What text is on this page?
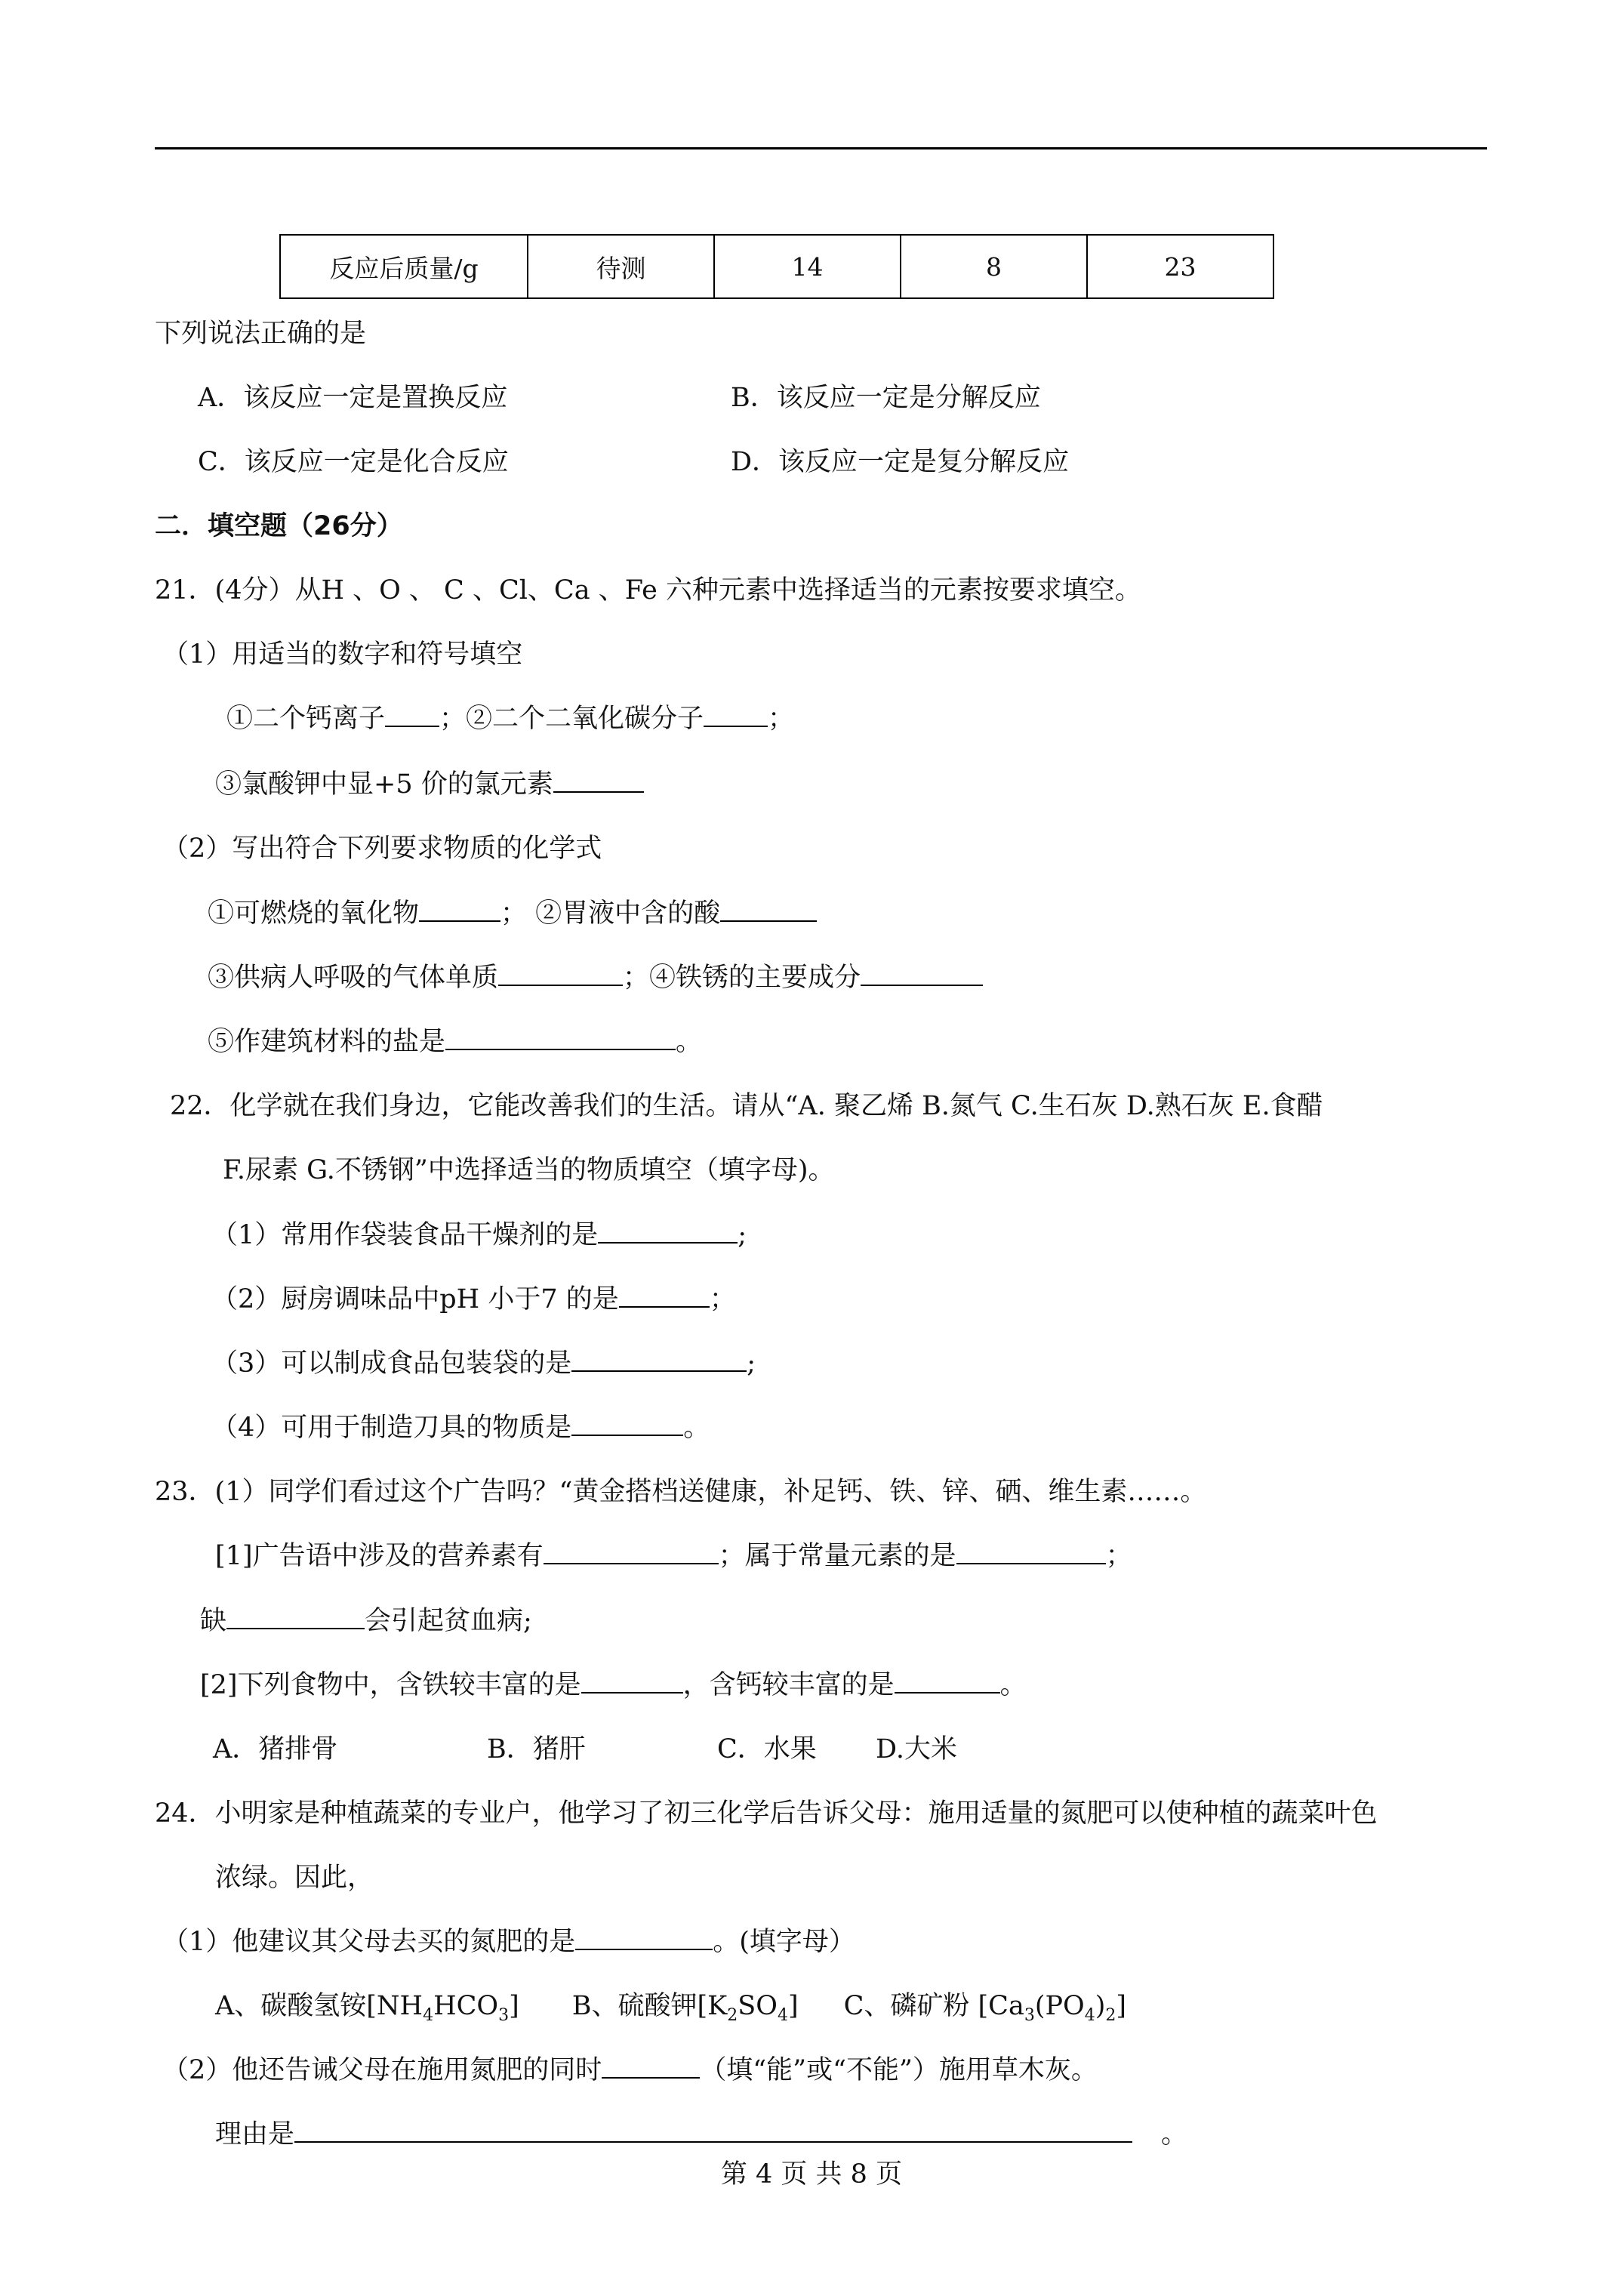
反应后质量/g	待测	14	8	23
下列说法正确的是
A．该反应一定是置换反应	B．该反应一定是分解反应
C．该反应一定是化合反应	D．该反应一定是复分解反应
二．填空题（26分）
21．(4分）从H 、O 、 C 、Cl、Ca 、Fe 六种元素中选择适当的元素按要求填空。
（1）用适当的数字和符号填空
①二个钙离子 ；②二个二氧化碳分子 ；
③氯酸钾中显+5 价的氯元素
（2）写出符合下列要求物质的化学式
①可燃烧的氧化物	； ②胃液中含的酸
③供病人呼吸的气体单质	；④铁锈的主要成分
⑤作建筑材料的盐是	。
22．化学就在我们身边，它能改善我们的生活。请从“A. 聚乙烯 B.氮气 C.生石灰 D.熟石灰 E.食醋
F.尿素 G.不锈钢”中选择适当的物质填空（填字母)。
（1）常用作袋装食品干燥剂的是	;
（2）厨房调味品中pH 小于7 的是	；
（3）可以制成食品包装袋的是	;
（4）可用于制造刀具的物质是	。
23．(1）同学们看过这个广告吗？“黄金搭档送健康，补足钙、铁、锌、硒、维生素……。
[1]广告语中涉及的营养素有	；属于常量元素的是	；
缺	会引起贫血病;
[2]下列食物中，含铁较丰富的是	，含钙较丰富的是	。
A．猪排骨	B．猪肝	C．水果 D.大米
24．小明家是种植蔬菜的专业户，他学习了初三化学后告诉父母：施用适量的氮肥可以使种植的蔬菜叶色
浓绿。因此，
（1）他建议其父母去买的氮肥的是	。(填字母）
A、碳酸氢铵$[NH_4HCO_3]$ B、硫酸钾$[K_2SO_4]$ C、磷矿粉 $[Ca_3(PO_4)_2]$
（2）他还告诫父母在施用氮肥的同时	（填“能”或“不能”）施用草木灰。
理由是	。
第 4 页 共 8 页
